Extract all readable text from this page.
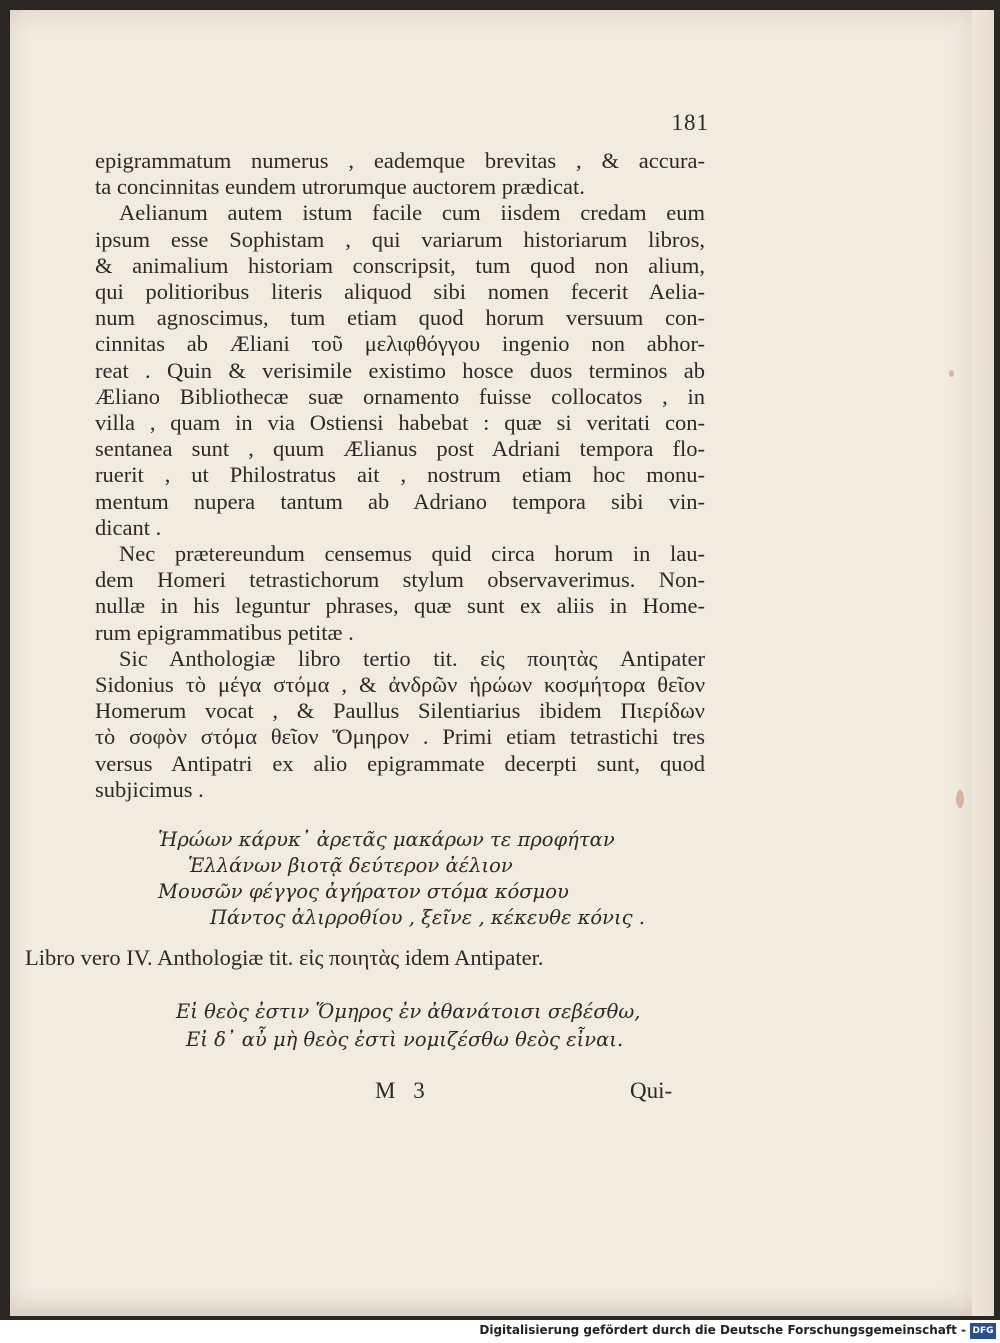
181
epigrammatum numerus , eademque brevitas , & accura-
ta concinnitas eundem utrorumque auctorem prædicat.
Aelianum autem istum facile cum iisdem credam eum
ipsum esse Sophistam , qui variarum historiarum libros,
& animalium historiam conscripsit, tum quod non alium,
qui politioribus literis aliquod sibi nomen fecerit Aelia-
num agnoscimus, tum etiam quod horum versuum con-
cinnitas ab Æliani τοῦ μελιφθόγγου ingenio non abhor-
reat . Quin & verisimile existimo hosce duos terminos ab
Æliano Bibliothecæ suæ ornamento fuisse collocatos , in
villa , quam in via Ostiensi habebat : quæ si veritati con-
sentanea sunt , quum Ælianus post Adriani tempora flo-
ruerit , ut Philostratus ait , nostrum etiam hoc monu-
mentum nupera tantum ab Adriano tempora sibi vin-
dicant .
Nec prætereundum censemus quid circa horum in lau-
dem Homeri tetrastichorum stylum observaverimus. Non-
nullæ in his leguntur phrases, quæ sunt ex aliis in Home-
rum epigrammatibus petitæ .
Sic Anthologiæ libro tertio tit. εἰς ποιητὰς Antipater
Sidonius τὸ μέγα στόμα , & ἀνδρῶν ἡρώων κοσμήτορα θεῖον
Homerum vocat , & Paullus Silentiarius ibidem Πιερίδων
τὸ σοφὸν στόμα θεῖον Ὅμηρον . Primi etiam tetrastichi tres
versus Antipatri ex alio epigrammate decerpti sunt, quod
subjicimus .
Ἡρώων κάρυκ᾽ ἀρετᾶς μακάρων τε προφήταν
Ἑλλάνων βιοτᾷ δεύτερον ἀέλιον
Μουσῶν φέγγος ἀγήρατον στόμα κόσμου
Πάντος ἀλιρροθίου , ξεῖνε , κέκευθε κόνις .
Libro vero IV. Anthologiæ tit. εἰς ποιητὰς idem Antipater.
Εἰ θεὸς ἐστιν Ὅμηρος ἐν ἀθανάτοισι σεβέσθω,
Εἰ δ᾽ αὖ μὴ θεὸς ἐστὶ νομιζέσθω θεὸς εἶναι.
M 3	Qui-
Digitalisierung gefördert durch die Deutsche Forschungsgemeinschaft - DFG
